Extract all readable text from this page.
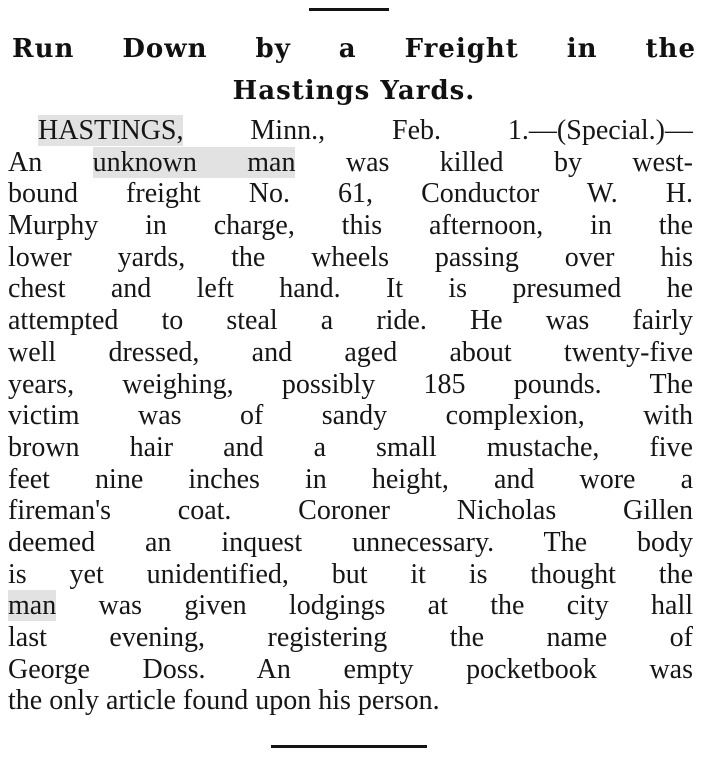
Run Down by a Freight in the
Hastings Yards.
HASTINGS, Minn., Feb. 1.—(Special.)—
An unknown man was killed by west-
bound freight No. 61, Conductor W. H.
Murphy in charge, this afternoon, in the
lower yards, the wheels passing over his
chest and left hand. It is presumed he
attempted to steal a ride. He was fairly
well dressed, and aged about twenty-five
years, weighing, possibly 185 pounds. The
victim was of sandy complexion, with
brown hair and a small mustache, five
feet nine inches in height, and wore a
fireman's coat. Coroner Nicholas Gillen
deemed an inquest unnecessary. The body
is yet unidentified, but it is thought the
man was given lodgings at the city hall
last evening, registering the name of
George Doss. An empty pocketbook was
the only article found upon his person.
